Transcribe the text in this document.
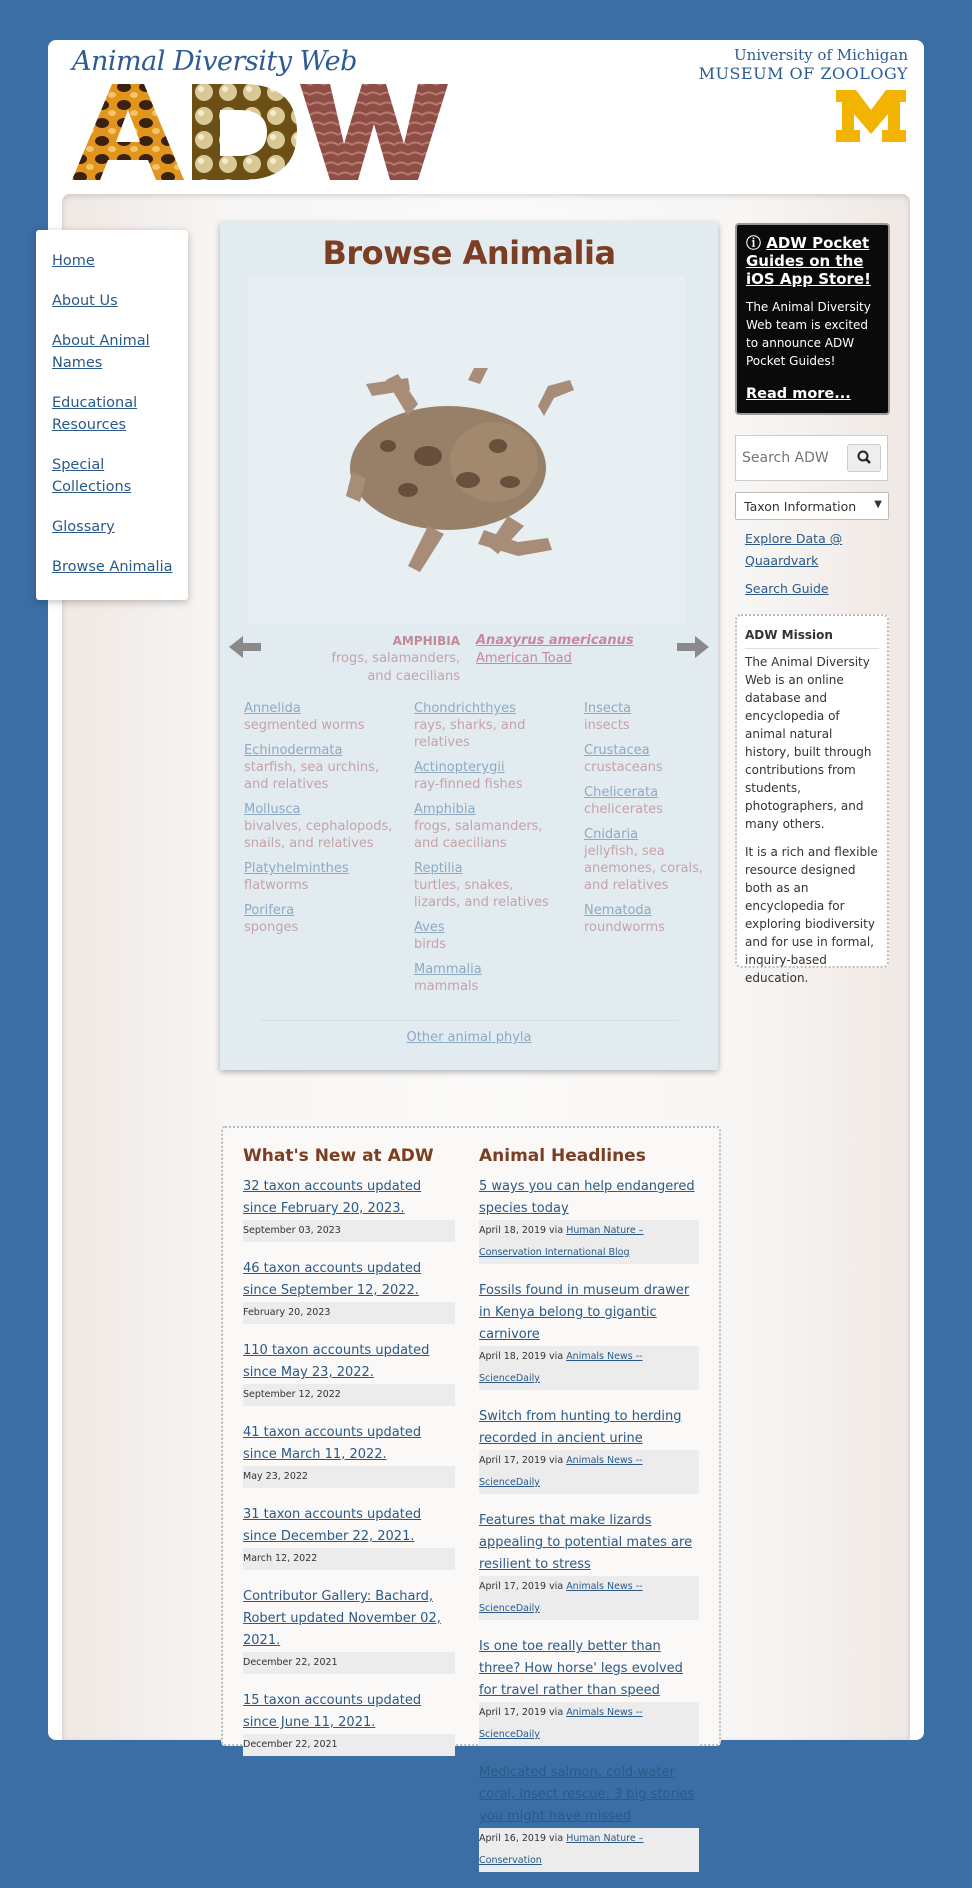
Animal Diversity Web	University of Michigan
MUSEUM OF ZOOLOGY
Home
About Us
About Animal Names
Educational Resources
Special Collections
Glossary
Browse Animalia
Browse Animalia
AMPHIBIA
frogs, salamanders, and caecilians
Anaxyrus americanus
American Toad
Annelida
segmented worms
Echinodermata
starfish, sea urchins, and relatives
Mollusca
bivalves, cephalopods, snails, and relatives
Platyhelminthes
flatworms
Porifera
sponges
Chondrichthyes
rays, sharks, and relatives
Actinopterygii
ray-finned fishes
Amphibia
frogs, salamanders, and caecilians
Reptilia
turtles, snakes, lizards, and relatives
Aves
birds
Mammalia
mammals
Insecta
insects
Crustacea
crustaceans
Chelicerata
chelicerates
Cnidaria
jellyfish, sea anemones, corals, and relatives
Nematoda
roundworms
Other animal phyla
ⓘ ADW Pocket Guides on the iOS App Store!
The Animal Diversity Web team is excited to announce ADW Pocket Guides!
Read more...
Search ADW
Taxon Information ▼
Explore Data @ Quaardvark
Search Guide
ADW Mission

The Animal Diversity Web is an online database and encyclopedia of animal natural history, built through contributions from students, photographers, and many others.

It is a rich and flexible resource designed both as an encyclopedia for exploring biodiversity and for use in formal, inquiry-based education.

What's New at ADW
32 taxon accounts updated since February 20, 2023.
September 03, 2023
46 taxon accounts updated since September 12, 2022.
February 20, 2023
110 taxon accounts updated since May 23, 2022.
September 12, 2022
41 taxon accounts updated since March 11, 2022.
May 23, 2022
31 taxon accounts updated since December 22, 2021.
March 12, 2022
Contributor Gallery: Bachard, Robert updated November 02, 2021.
December 22, 2021
15 taxon accounts updated since June 11, 2021.
December 22, 2021
Animal Headlines
5 ways you can help endangered species today
April 18, 2019 via Human Nature – Conservation International Blog
Fossils found in museum drawer in Kenya belong to gigantic carnivore
April 18, 2019 via Animals News -- ScienceDaily
Switch from hunting to herding recorded in ancient urine
April 17, 2019 via Animals News -- ScienceDaily
Features that make lizards appealing to potential mates are resilient to stress
April 17, 2019 via Animals News -- ScienceDaily
Is one toe really better than three? How horse' legs evolved for travel rather than speed
April 17, 2019 via Animals News -- ScienceDaily
Medicated salmon, cold-water coral, insect rescue: 3 big stories you might have missed
April 16, 2019 via Human Nature – Conservation
